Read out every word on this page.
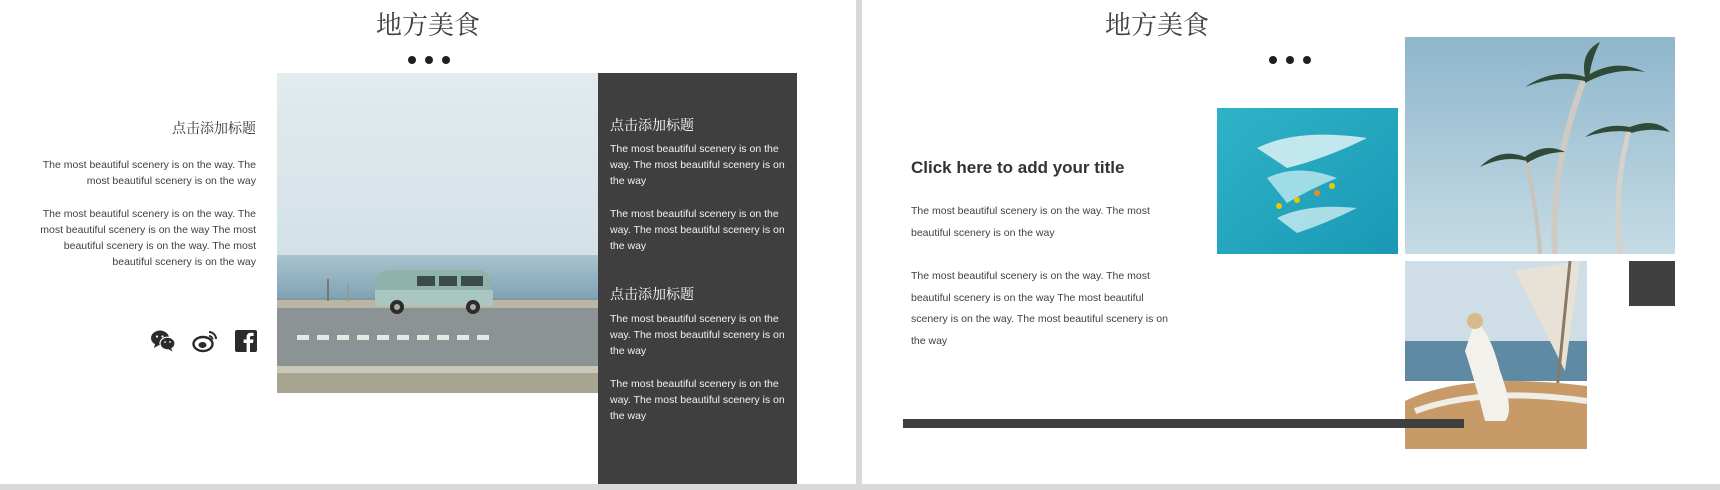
地方美食
点击添加标题
The most beautiful scenery is on the way. The most beautiful scenery is on the way
The most beautiful scenery is on the way. The most beautiful scenery is on the way The most beautiful scenery is on the way. The most beautiful scenery is on the way
点击添加标题
The most beautiful scenery is on the way. The most beautiful scenery is on the way
The most beautiful scenery is on the way. The most beautiful scenery is on the way
点击添加标题
The most beautiful scenery is on the way. The most beautiful scenery is on the way
The most beautiful scenery is on the way. The most beautiful scenery is on the way
地方美食
Click here to add your title
The most beautiful scenery is on the way. The most beautiful scenery is on the way
The most beautiful scenery is on the way. The most beautiful scenery is on the way The most beautiful scenery is on the way. The most beautiful scenery is on the way
